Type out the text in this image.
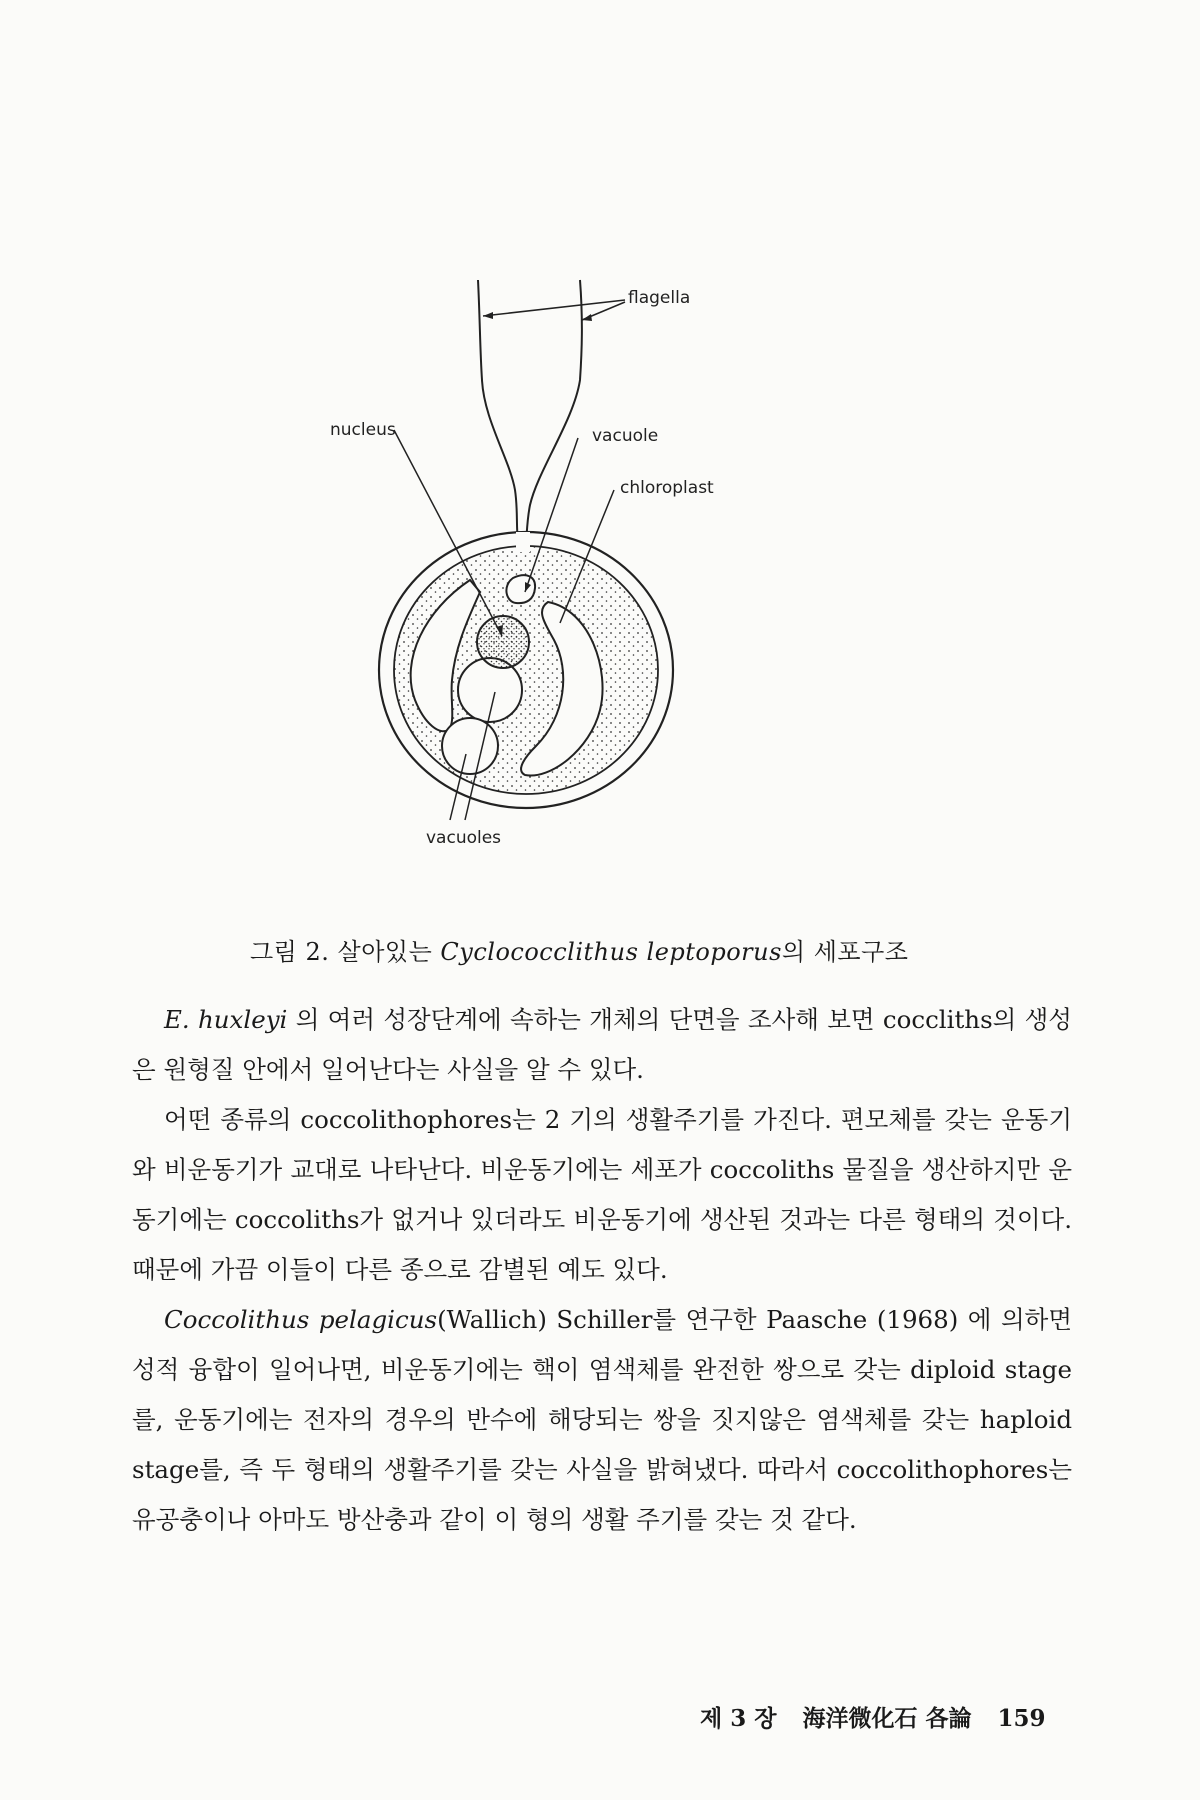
flagella
nucleus	vacuole
chloroplast
vacuoles
그림 2. 살아있는 Cyclococclithus leptoporus의 세포구조

E. huxleyi 의 여러 성장단계에 속하는 개체의 단면을 조사해 보면 coccliths의 생성은 원형질 안에서 일어난다는 사실을 알 수 있다.

어떤 종류의 coccolithophores는 2 기의 생활주기를 가진다. 편모체를 갖는 운동기와 비운동기가 교대로 나타난다. 비운동기에는 세포가 coccoliths 물질을 생산하지만 운동기에는 coccoliths가 없거나 있더라도 비운동기에 생산된 것과는 다른 형태의 것이다. 때문에 가끔 이들이 다른 종으로 감별된 예도 있다.

Coccolithus pelagicus(Wallich) Schiller를 연구한 Paasche (1968) 에 의하면 성적 융합이 일어나면, 비운동기에는 핵이 염색체를 완전한 쌍으로 갖는 diploid stage를, 운동기에는 전자의 경우의 반수에 해당되는 쌍을 짓지않은 염색체를 갖는 haploid stage를, 즉 두 형태의 생활주기를 갖는 사실을 밝혀냈다. 따라서 coccolithophores는 유공충이나 아마도 방산충과 같이 이 형의 생활 주기를 갖는 것 같다.

제 3 장 海洋微化石 各論 159
